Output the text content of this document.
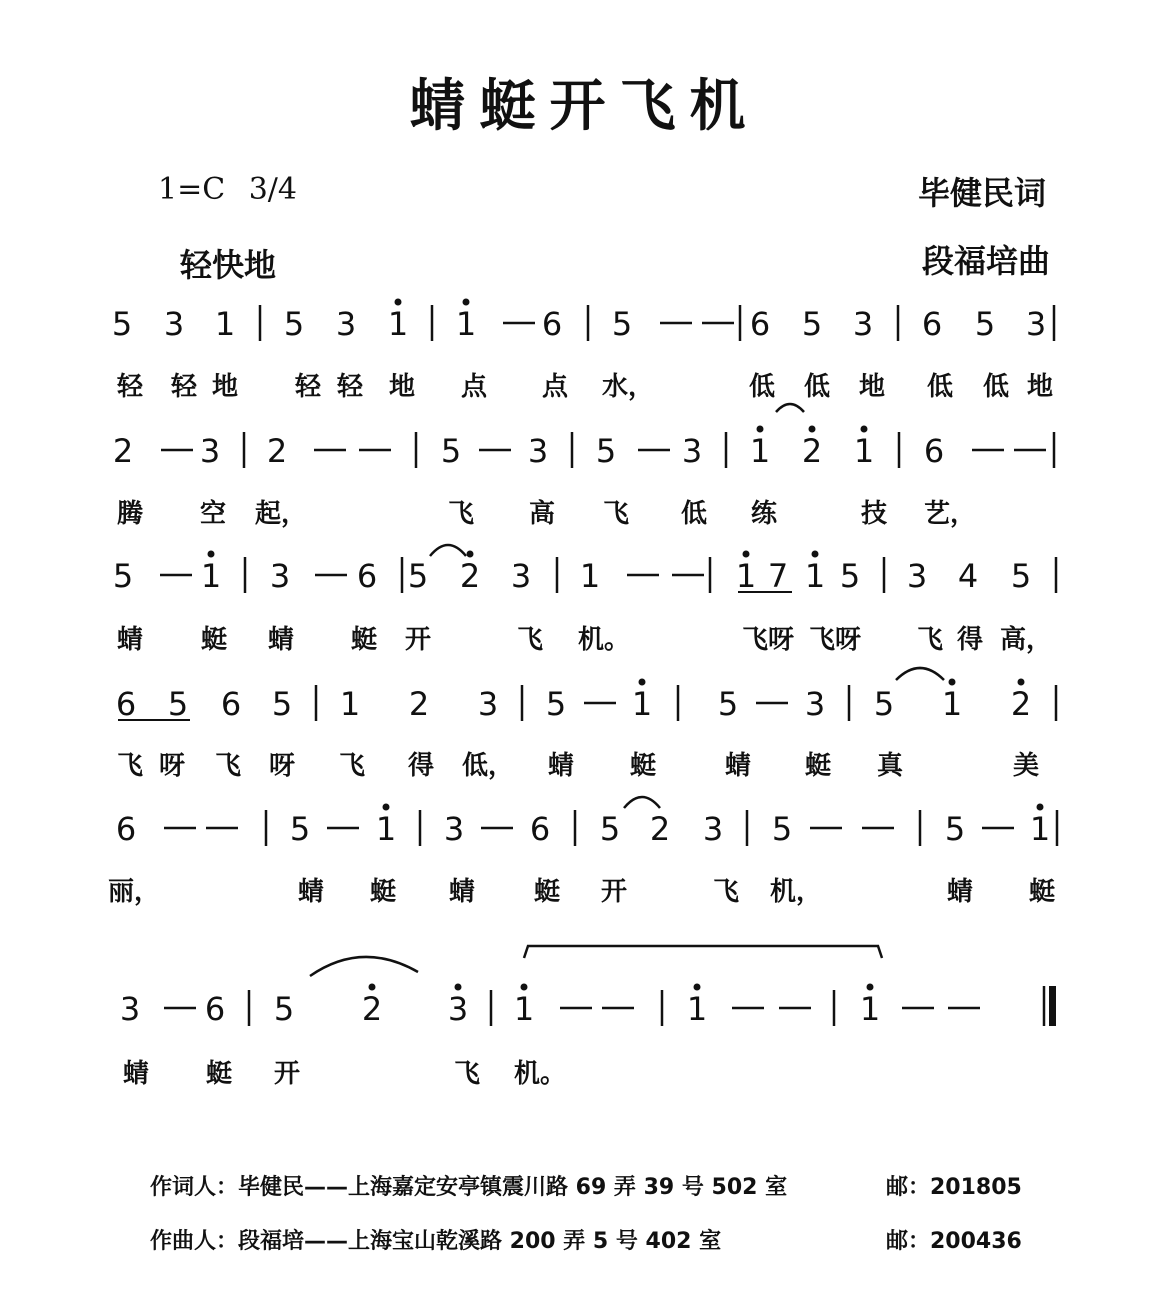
蜻蜓开飞机
1=C 3/4
轻快地
毕健民词
段福培曲
5 3 1 5 3 1 1 6 5	6 5 3 6 5 3
轻 轻 地 轻 轻 地 点 点 水，	低 低 地 低 低 地
2 3 2	5 3 5 3 1 2 1 6
腾 空 起，	飞 高 飞 低 练	技 艺，
5 1 3 6 5 2 3 1	1 7 1 5 3 4 5
蜻 蜓 蜻 蜓 开	飞 机。	飞呀 飞呀 飞 得 高，
6 5 6 5 1 2 3 5 1 5 3 5 1 2
飞 呀 飞 呀 飞 得 低， 蜻 蜓	蜻 蜓 真	美
6	5 1 3 6 5 2 3 5	5 1
丽，	蜻 蜓 蜻 蜓 开	飞 机，	蜻 蜓
3 6 5 2 3 1	1	1
蜻 蜓 开	飞 机。
作词人：毕健民——上海嘉定安亭镇震川路 69 弄 39 号 502 室	邮：201805
作曲人：段福培——上海宝山乾溪路 200 弄 5 号 402 室	邮：200436
